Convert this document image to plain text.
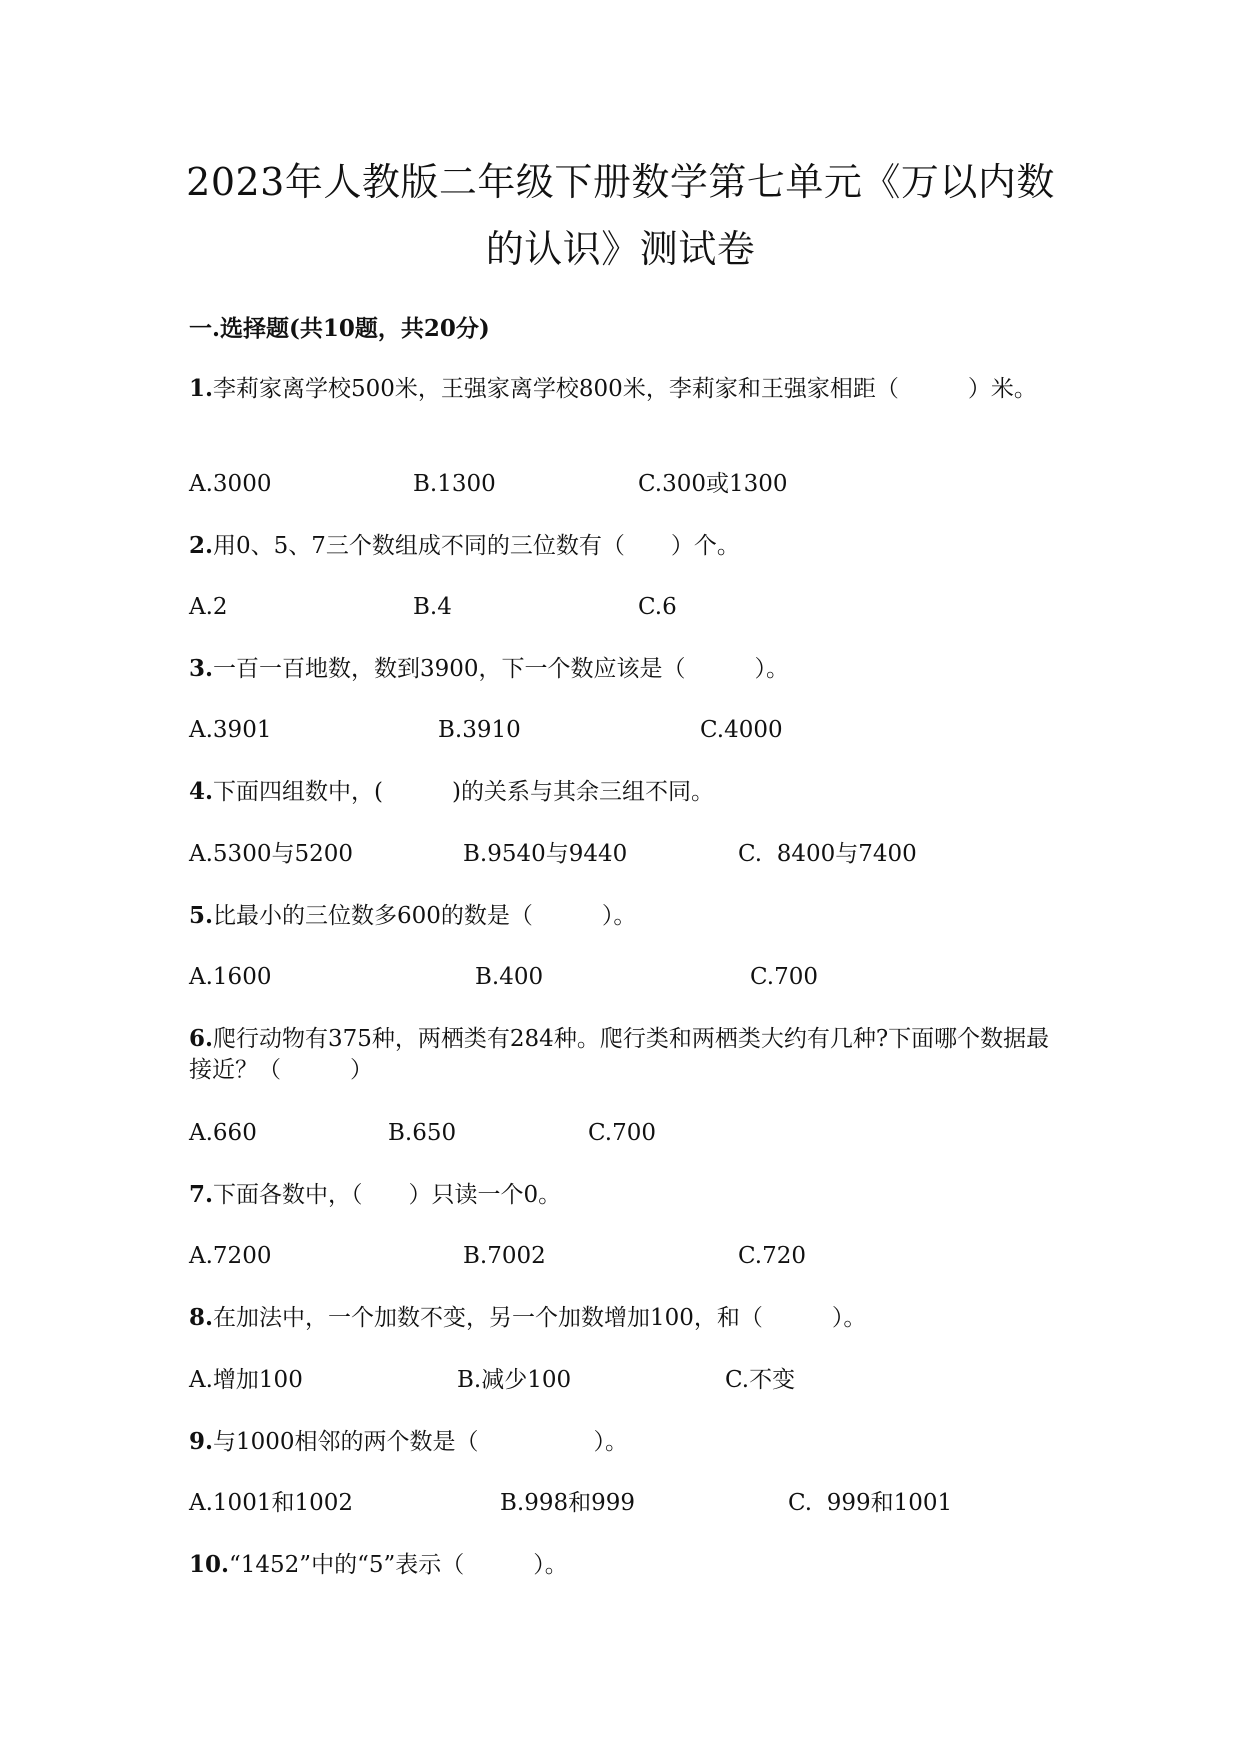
2023年人教版二年级下册数学第七单元《万以内数
的认识》测试卷
一.选择题(共10题，共20分)
1.李莉家离学校500米，王强家离学校800米，李莉家和王强家相距（　　　）米。
A.3000	B.1300	C.300或1300
2.用0、5、7三个数组成不同的三位数有（　　）个。
A.2	B.4	C.6
3.一百一百地数，数到3900，下一个数应该是（　　　）。
A.3901	B.3910	C.4000
4.下面四组数中，(　　　)的关系与其余三组不同。
A.5300与5200	B.9540与9440	C.  8400与7400
5.比最小的三位数多600的数是（　　　）。
A.1600	B.400	C.700
6.爬行动物有375种，两栖类有284种。爬行类和两栖类大约有几种?下面哪个数据最接近？（　　　）
A.660	B.650	C.700
7.下面各数中，（　　）只读一个0。
A.7200	B.7002	C.720
8.在加法中，一个加数不变，另一个加数增加100，和（　　　）。
A.增加100	B.减少100	C.不变
9.与1000相邻的两个数是（　　　　　）。
A.1001和1002	B.998和999	C.  999和1001
10.“1452”中的“5”表示（　　　）。
